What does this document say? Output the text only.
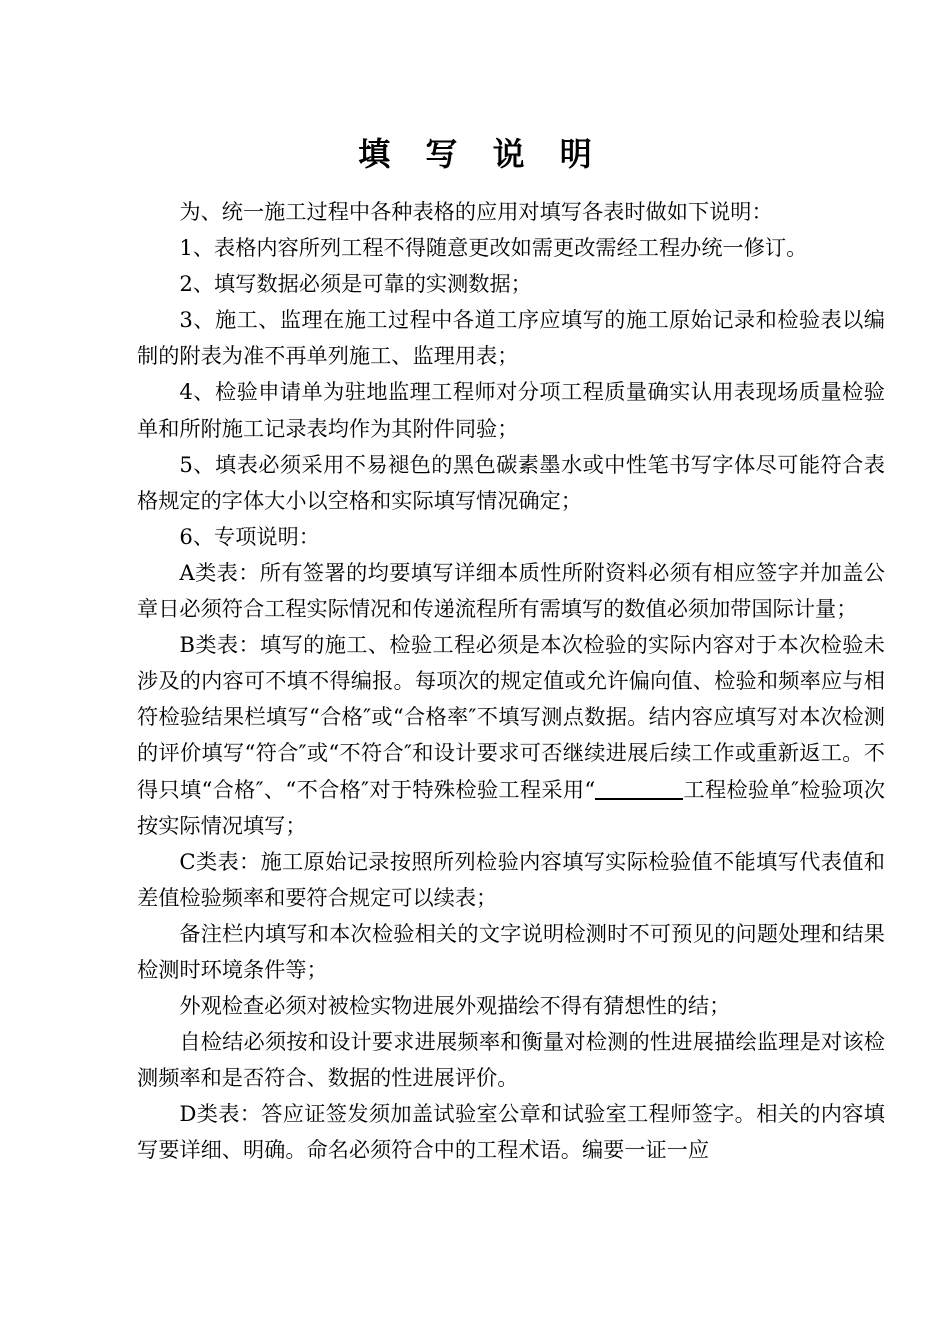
填 写 说 明

为、统一施工过程中各种表格的应用对填写各表时做如下说明：

1、表格内容所列工程不得随意更改如需更改需经工程办统一修订。

2、填写数据必须是可靠的实测数据；

3、施工、监理在施工过程中各道工序应填写的施工原始记录和检验表以编制的附表为准不再单列施工、监理用表；

4、检验申请单为驻地监理工程师对分项工程质量确实认用表现场质量检验单和所附施工记录表均作为其附件同验；

5、填表必须采用不易褪色的黑色碳素墨水或中性笔书写字体尽可能符合表格规定的字体大小以空格和实际填写情况确定；

6、专项说明：

A类表：所有签署的均要填写详细本质性所附资料必须有相应签字并加盖公章日必须符合工程实际情况和传递流程所有需填写的数值必须加带国际计量；

B类表：填写的施工、检验工程必须是本次检验的实际内容对于本次检验未涉及的内容可不填不得编报。每项次的规定值或允许偏向值、检验和频率应与相符检验结果栏填写“合格″或“合格率″不填写测点数据。结内容应填写对本次检测的评价填写“符合″或“不符合″和设计要求可否继续进展后续工作或重新返工。不得只填“合格″、“不合格″对于特殊检验工程采用“	工程检验单″检验项次按实际情况填写；

C类表：施工原始记录按照所列检验内容填写实际检验值不能填写代表值和差值检验频率和要符合规定可以续表；

备注栏内填写和本次检验相关的文字说明检测时不可预见的问题处理和结果检测时环境条件等；

外观检查必须对被检实物进展外观描绘不得有猜想性的结；

自检结必须按和设计要求进展频率和衡量对检测的性进展描绘监理是对该检测频率和是否符合、数据的性进展评价。

D类表：答应证签发须加盖试验室公章和试验室工程师签字。相关的内容填写要详细、明确。命名必须符合中的工程术语。编要一证一应
